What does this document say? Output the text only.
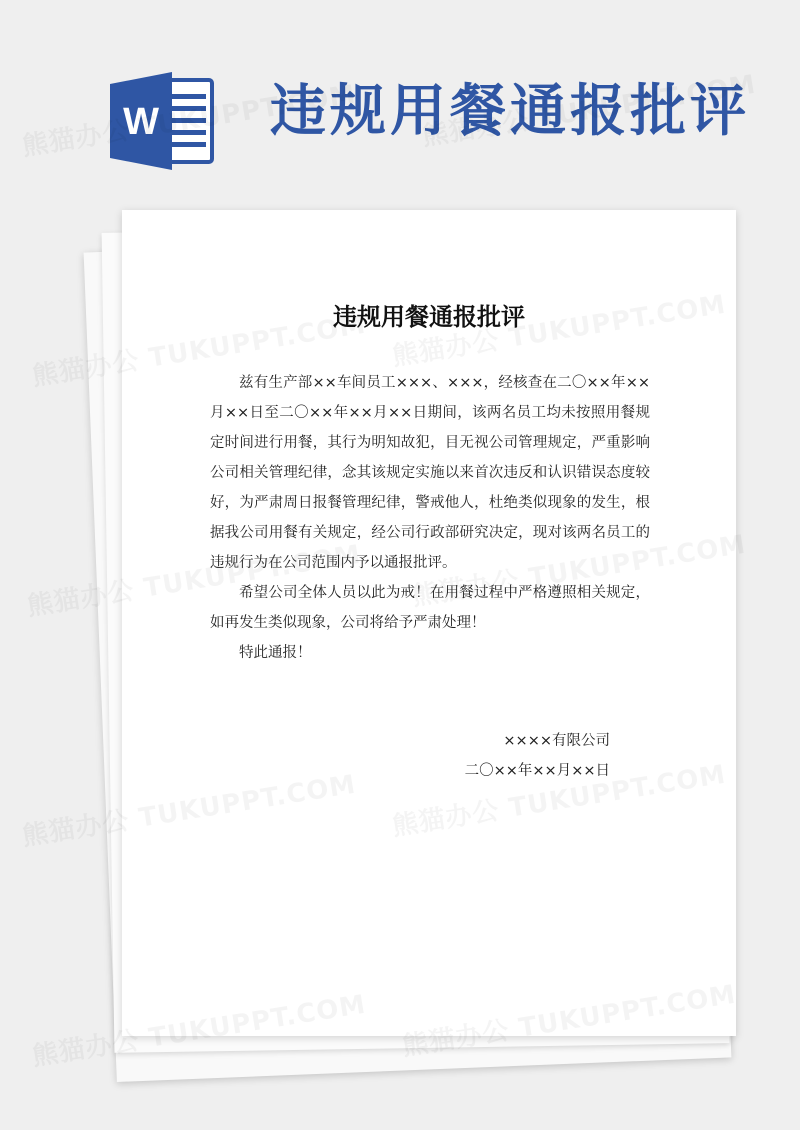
W 违规用餐通报批评
违规用餐通报批评

兹有生产部××车间员工×××、×××，经核查在二〇××年××月××日至二〇××年××月××日期间，该两名员工均未按照用餐规定时间进行用餐，其行为明知故犯，目无视公司管理规定，严重影响公司相关管理纪律，念其该规定实施以来首次违反和认识错误态度较好，为严肃周日报餐管理纪律，警戒他人，杜绝类似现象的发生，根据我公司用餐有关规定，经公司行政部研究决定，现对该两名员工的违规行为在公司范围内予以通报批评。

希望公司全体人员以此为戒！在用餐过程中严格遵照相关规定，如再发生类似现象，公司将给予严肃处理！

特此通报！

××××有限公司
二〇××年××月××日
